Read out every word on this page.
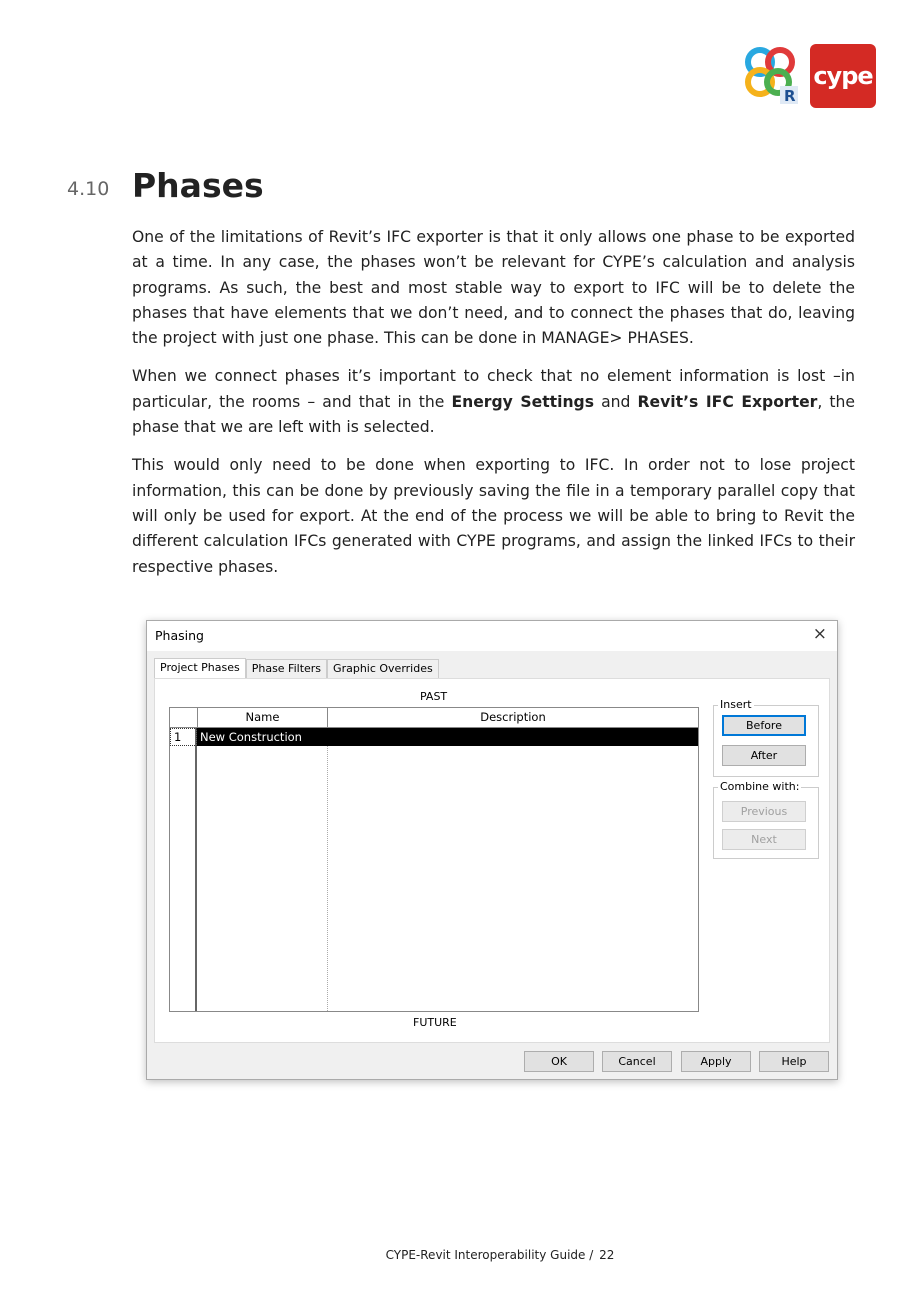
R
cype
4.10 Phases

One of the limitations of Revit’s IFC exporter is that it only allows one phase to be exported at a time. In any case, the phases won’t be relevant for CYPE’s calculation and analysis programs. As such, the best and most stable way to export to IFC will be to delete the phases that have elements that we don’t need, and to connect the phases that do, leaving the project with just one phase. This can be done in MANAGE> PHASES.

When we connect phases it’s important to check that no element information is lost –in particular, the rooms – and that in the Energy Settings and Revit’s IFC Exporter, the phase that we are left with is selected.

This would only need to be done when exporting to IFC. In order not to lose project information, this can be done by previously saving the file in a temporary parallel copy that will only be used for export. At the end of the process we will be able to bring to Revit the different calculation IFCs generated with CYPE programs, and assign the linked IFCs to their respective phases.

Phasing	×
Project Phases	Phase Filters	Graphic Overrides
PAST
Name	Description
1	New Construction
FUTURE
Insert
Before
After
Combine with:
Previous
Next
OK	Cancel	Apply	Help
CYPE-Revit Interoperability Guide / 22
